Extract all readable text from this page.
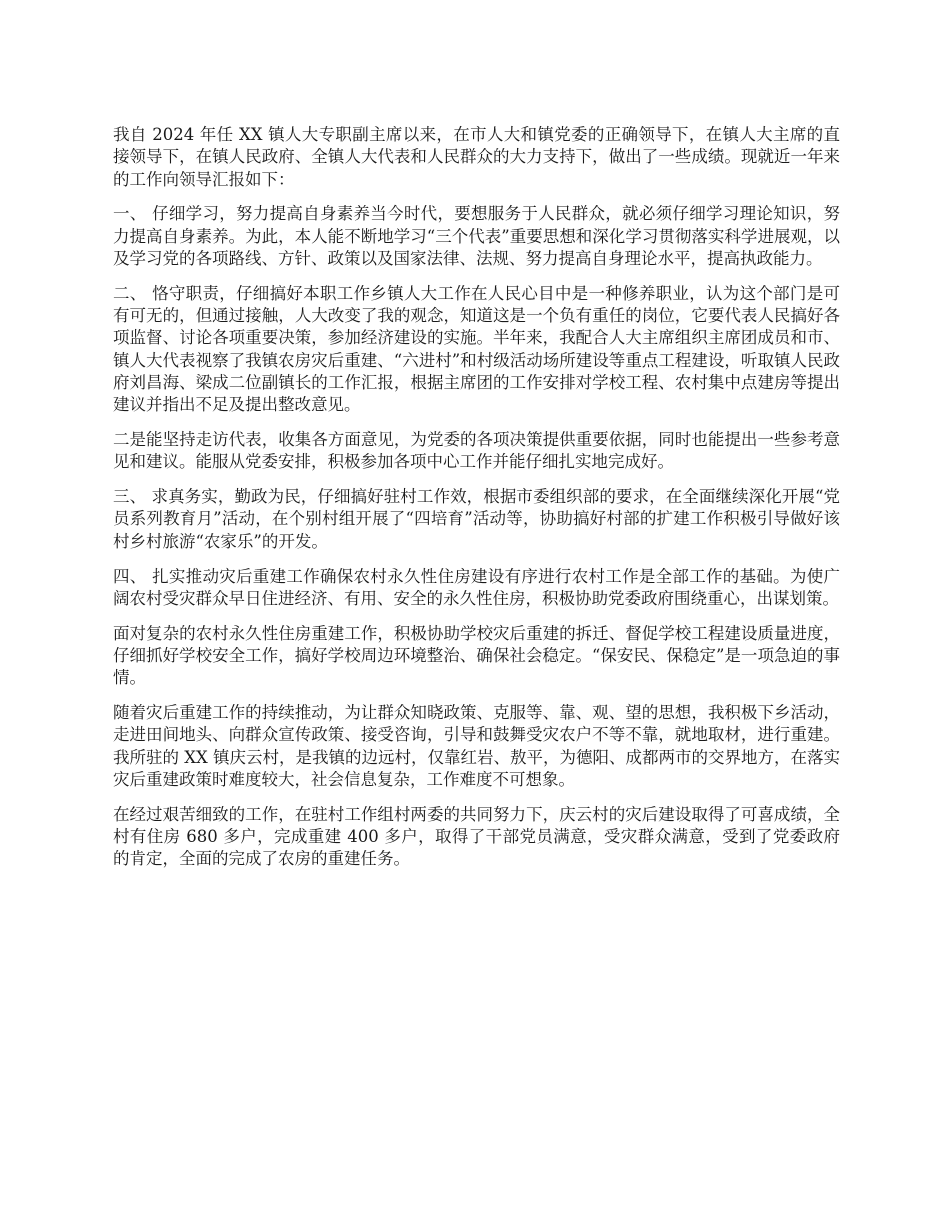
我自 2024 年任 XX 镇人大专职副主席以来，在市人大和镇党委的正确领导下，在镇人大主席的直接领导下，在镇人民政府、全镇人大代表和人民群众的大力支持下，做出了一些成绩。现就近一年来的工作向领导汇报如下：

一、 仔细学习，努力提高自身素养当今时代，要想服务于人民群众，就必须仔细学习理论知识，努力提高自身素养。为此，本人能不断地学习“三个代表”重要思想和深化学习贯彻落实科学进展观，以及学习党的各项路线、方针、政策以及国家法律、法规、努力提高自身理论水平，提高执政能力。

二、 恪守职责，仔细搞好本职工作乡镇人大工作在人民心目中是一种修养职业，认为这个部门是可有可无的，但通过接触，人大改变了我的观念，知道这是一个负有重任的岗位，它要代表人民搞好各项监督、讨论各项重要决策，参加经济建设的实施。半年来，我配合人大主席组织主席团成员和市、镇人大代表视察了我镇农房灾后重建、“六进村”和村级活动场所建设等重点工程建设，听取镇人民政府刘昌海、梁成二位副镇长的工作汇报，根据主席团的工作安排对学校工程、农村集中点建房等提出建议并指出不足及提出整改意见。

二是能坚持走访代表，收集各方面意见，为党委的各项决策提供重要依据，同时也能提出一些参考意见和建议。能服从党委安排，积极参加各项中心工作并能仔细扎实地完成好。

三、 求真务实，勤政为民，仔细搞好驻村工作效，根据市委组织部的要求，在全面继续深化开展“党员系列教育月”活动，在个别村组开展了“四培育”活动等，协助搞好村部的扩建工作积极引导做好该村乡村旅游“农家乐”的开发。

四、 扎实推动灾后重建工作确保农村永久性住房建设有序进行农村工作是全部工作的基础。为使广阔农村受灾群众早日住进经济、有用、安全的永久性住房，积极协助党委政府围绕重心，出谋划策。

面对复杂的农村永久性住房重建工作，积极协助学校灾后重建的拆迁、督促学校工程建设质量进度，仔细抓好学校安全工作，搞好学校周边环境整治、确保社会稳定。“保安民、保稳定”是一项急迫的事情。

随着灾后重建工作的持续推动，为让群众知晓政策、克服等、靠、观、望的思想，我积极下乡活动，走进田间地头、向群众宣传政策、接受咨询，引导和鼓舞受灾农户不等不靠，就地取材，进行重建。我所驻的 XX 镇庆云村，是我镇的边远村，仅靠红岩、敖平，为德阳、成都两市的交界地方，在落实灾后重建政策时难度较大，社会信息复杂，工作难度不可想象。

在经过艰苦细致的工作，在驻村工作组村两委的共同努力下，庆云村的灾后建设取得了可喜成绩，全村有住房 680 多户，完成重建 400 多户，取得了干部党员满意，受灾群众满意，受到了党委政府的肯定，全面的完成了农房的重建任务。
